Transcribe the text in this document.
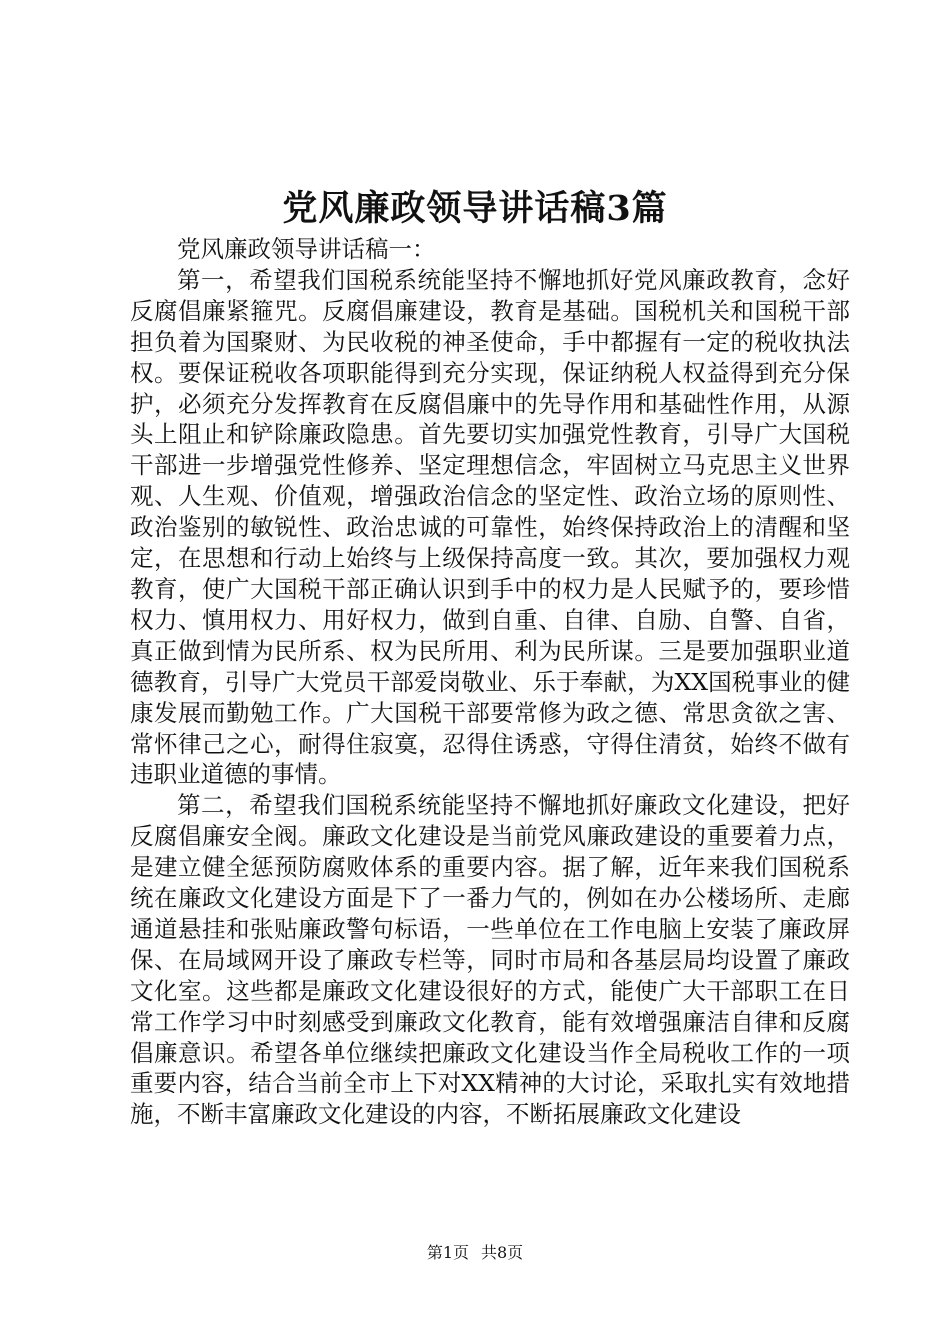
党风廉政领导讲话稿3篇

党风廉政领导讲话稿一：

第一，希望我们国税系统能坚持不懈地抓好党风廉政教育，念好反腐倡廉紧箍咒。反腐倡廉建设，教育是基础。国税机关和国税干部担负着为国聚财、为民收税的神圣使命，手中都握有一定的税收执法权。要保证税收各项职能得到充分实现，保证纳税人权益得到充分保护，必须充分发挥教育在反腐倡廉中的先导作用和基础性作用，从源头上阻止和铲除廉政隐患。首先要切实加强党性教育，引导广大国税干部进一步增强党性修养、坚定理想信念，牢固树立马克思主义世界观、人生观、价值观，增强政治信念的坚定性、政治立场的原则性、政治鉴别的敏锐性、政治忠诚的可靠性，始终保持政治上的清醒和坚定，在思想和行动上始终与上级保持高度一致。其次，要加强权力观教育，使广大国税干部正确认识到手中的权力是人民赋予的，要珍惜权力、慎用权力、用好权力，做到自重、自律、自励、自警、自省，真正做到情为民所系、权为民所用、利为民所谋。三是要加强职业道德教育，引导广大党员干部爱岗敬业、乐于奉献，为XX国税事业的健康发展而勤勉工作。广大国税干部要常修为政之德、常思贪欲之害、常怀律己之心，耐得住寂寞，忍得住诱惑，守得住清贫，始终不做有违职业道德的事情。

第二，希望我们国税系统能坚持不懈地抓好廉政文化建设，把好反腐倡廉安全阀。廉政文化建设是当前党风廉政建设的重要着力点，是建立健全惩预防腐败体系的重要内容。据了解，近年来我们国税系统在廉政文化建设方面是下了一番力气的，例如在办公楼场所、走廊通道悬挂和张贴廉政警句标语，一些单位在工作电脑上安装了廉政屏保、在局域网开设了廉政专栏等，同时市局和各基层局均设置了廉政文化室。这些都是廉政文化建设很好的方式，能使广大干部职工在日常工作学习中时刻感受到廉政文化教育，能有效增强廉洁自律和反腐倡廉意识。希望各单位继续把廉政文化建设当作全局税收工作的一项重要内容，结合当前全市上下对XX精神的大讨论，采取扎实有效地措施，不断丰富廉政文化建设的内容，不断拓展廉政文化建设

第1页 共8页
